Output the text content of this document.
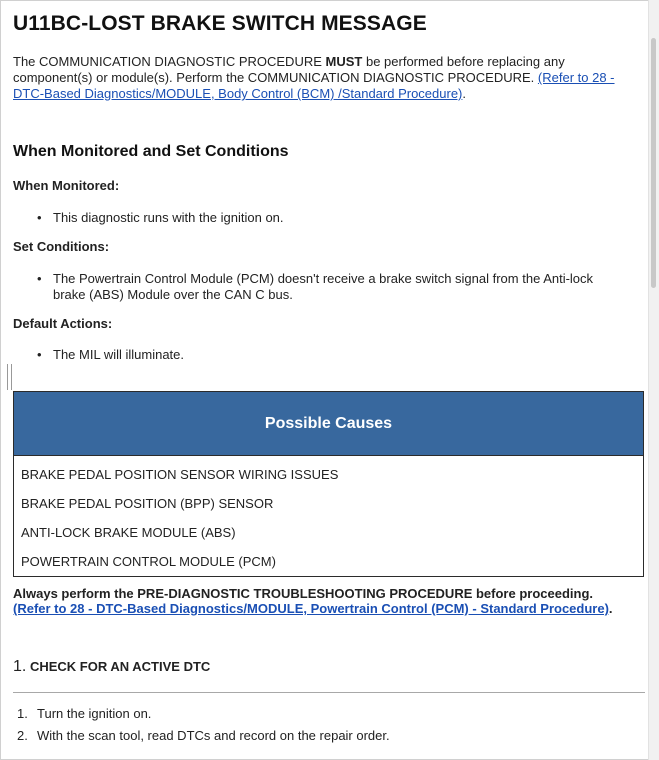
U11BC-LOST BRAKE SWITCH MESSAGE
The COMMUNICATION DIAGNOSTIC PROCEDURE MUST be performed before replacing any component(s) or module(s). Perform the COMMUNICATION DIAGNOSTIC PROCEDURE. (Refer to 28 - DTC-Based Diagnostics/MODULE, Body Control (BCM) /Standard Procedure).
When Monitored and Set Conditions
When Monitored:
• This diagnostic runs with the ignition on.
Set Conditions:
• The Powertrain Control Module (PCM) doesn't receive a brake switch signal from the Anti-lock brake (ABS) Module over the CAN C bus.
Default Actions:
• The MIL will illuminate.
Possible Causes
BRAKE PEDAL POSITION SENSOR WIRING ISSUES
BRAKE PEDAL POSITION (BPP) SENSOR
ANTI-LOCK BRAKE MODULE (ABS)
POWERTRAIN CONTROL MODULE (PCM)
Always perform the PRE-DIAGNOSTIC TROUBLESHOOTING PROCEDURE before proceeding.
(Refer to 28 - DTC-Based Diagnostics/MODULE, Powertrain Control (PCM) - Standard Procedure).
1. CHECK FOR AN ACTIVE DTC
1. Turn the ignition on.
2. With the scan tool, read DTCs and record on the repair order.
